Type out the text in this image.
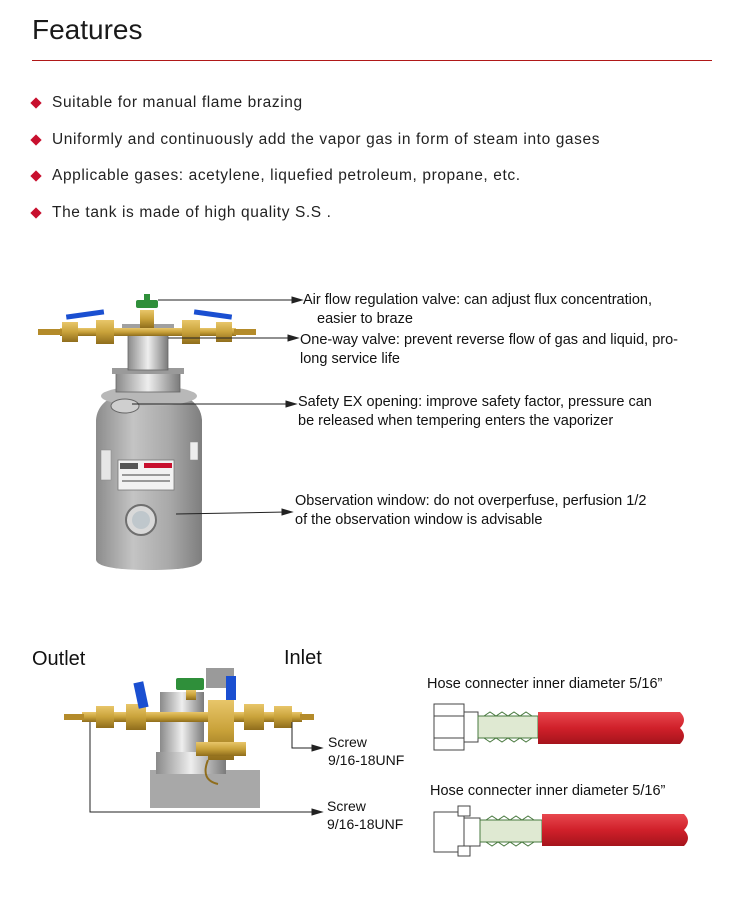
Features
Suitable for manual flame brazing
Uniformly and continuously add the vapor gas in form of steam into gases
Applicable gases: acetylene, liquefied petroleum, propane, etc.
The tank is made of high quality S.S .
Air flow regulation valve: can adjust flux concentration,
easier to braze
One-way valve: prevent reverse flow of gas and liquid, pro-
long service life
Safety EX opening: improve safety factor, pressure can
be released when tempering enters the vaporizer
Observation window: do not overperfuse, perfusion 1/2
of the observation window is advisable
Outlet	Inlet
Hose connecter inner diameter 5/16”
Hose connecter inner diameter 5/16”
Screw
9/16-18UNF
Screw
9/16-18UNF
